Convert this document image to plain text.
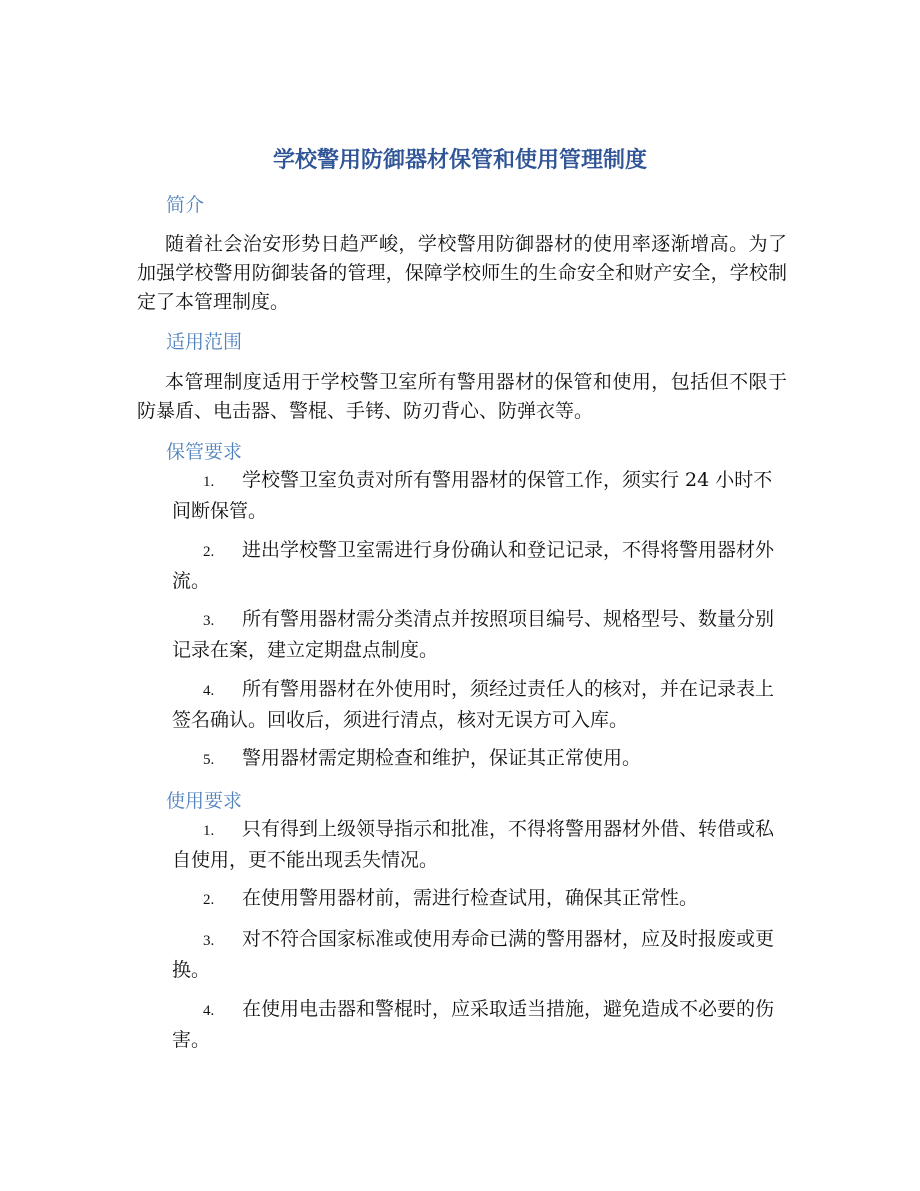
学校警用防御器材保管和使用管理制度
简介

随着社会治安形势日趋严峻，学校警用防御器材的使用率逐渐增高。为了加强学校警用防御装备的管理，保障学校师生的生命安全和财产安全，学校制定了本管理制度。

适用范围

本管理制度适用于学校警卫室所有警用器材的保管和使用，包括但不限于防暴盾、电击器、警棍、手铐、防刃背心、防弹衣等。

保管要求
1. 学校警卫室负责对所有警用器材的保管工作，须实行 24 小时不间断保管。
2. 进出学校警卫室需进行身份确认和登记记录，不得将警用器材外流。
3. 所有警用器材需分类清点并按照项目编号、规格型号、数量分别记录在案，建立定期盘点制度。
4. 所有警用器材在外使用时，须经过责任人的核对，并在记录表上签名确认。回收后，须进行清点，核对无误方可入库。
5. 警用器材需定期检查和维护，保证其正常使用。
使用要求
1. 只有得到上级领导指示和批准，不得将警用器材外借、转借或私自使用，更不能出现丢失情况。
2. 在使用警用器材前，需进行检查试用，确保其正常性。
3. 对不符合国家标准或使用寿命已满的警用器材，应及时报废或更换。
4. 在使用电击器和警棍时，应采取适当措施，避免造成不必要的伤害。
